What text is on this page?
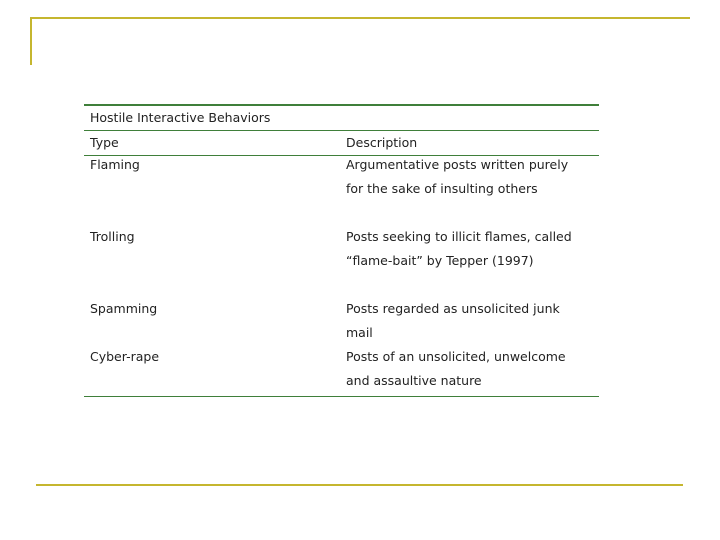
Hostile Interactive Behaviors
Type	Description
Flaming	Argumentative posts written purely
for the sake of insulting others
Trolling	Posts seeking to illicit flames, called
“flame-bait” by Tepper (1997)
Spamming	Posts regarded as unsolicited junk
mail
Cyber-rape	Posts of an unsolicited, unwelcome
and assaultive nature
